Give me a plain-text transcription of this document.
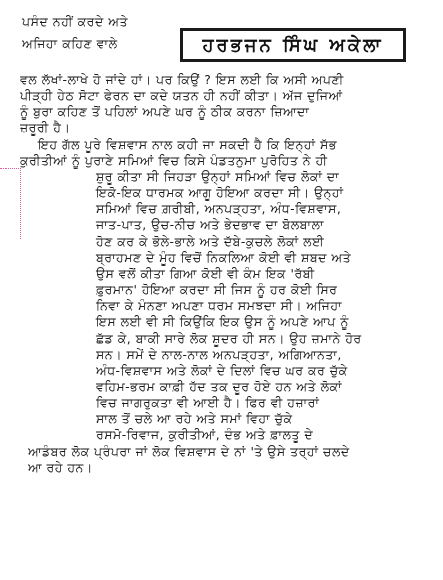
ਪਸੰਦ ਨਹੀਂ ਕਰਦੇ ਅਤੇ
ਅਜਿਹਾ ਕਹਿਣ ਵਾਲੇ	ਹਰਭਜਨ ਸਿੰਘ ਅਕੇਲਾ
ਵਲ ਲੱਖਾਂ-ਲਾਖੇ ਹੋ ਜਾਂਦੇ ਹਾਂ। ਪਰ ਕਿਉਂ ? ਇਸ ਲਈ ਕਿ ਅਸੀ ਅਪਣੀ
ਪੀੜ੍ਹੀ ਹੇਠ ਸੋਟਾ ਫੇਰਨ ਦਾ ਕਦੇ ਯਤਨ ਹੀ ਨਹੀਂ ਕੀਤਾ। ਅੱਜ ਦੁਜਿਆਂ
ਨੂੰ ਬੁਰਾ ਕਹਿਣ ਤੋਂ ਪਹਿਲਾਂ ਅਪਣੇ ਘਰ ਨੂੰ ਠੀਕ ਕਰਨਾ ਜ਼ਿਆਦਾ
ਜ਼ਰੂਰੀ ਹੈ।
ਇਹ ਗੱਲ ਪੂਰੇ ਵਿਸ਼ਵਾਸ ਨਾਲ ਕਹੀ ਜਾ ਸਕਦੀ ਹੈ ਕਿ ਇਨ੍ਹਾਂ ਸੱਭ
ਕੁਰੀਤੀਆਂ ਨੂੰ ਪੁਰਾਣੇ ਸਮਿਆਂ ਵਿਚ ਕਿਸੇ ਪੰਡਤਨੁਮਾ ਪੁਰੋਹਿਤ ਨੇ ਹੀ
ਸ਼ੁਰੂ ਕੀਤਾ ਸੀ ਜਿਹੜਾ ਉਨ੍ਹਾਂ ਸਮਿਆਂ ਵਿਚ ਲੋਕਾਂ ਦਾ
ਇਕੋ-ਇਕ ਧਾਰਮਕ ਆਗੂ ਹੋਇਆ ਕਰਦਾ ਸੀ। ਉਨ੍ਹਾਂ
ਸਮਿਆਂ ਵਿਚ ਗ਼ਰੀਬੀ, ਅਨਪੜ੍ਹਤਾ, ਅੰਧ-ਵਿਸ਼ਵਾਸ,
ਜਾਤ-ਪਾਤ, ਉਚ-ਨੀਚ ਅਤੇ ਭੇਦਭਾਵ ਦਾ ਬੋਲਬਾਲਾ
ਹੋਣ ਕਰ ਕੇ ਭੋਲੇ-ਭਾਲੇ ਅਤੇ ਦੱਬੇ-ਕੁਚਲੇ ਲੋਕਾਂ ਲਈ
ਬ੍ਰਾਹਮਣ ਦੇ ਮੂੰਹ ਵਿਚੋਂ ਨਿਕਲਿਆ ਕੋਈ ਵੀ ਸ਼ਬਦ ਅਤੇ
ਉਸ ਵਲੋਂ ਕੀਤਾ ਗਿਆ ਕੋਈ ਵੀ ਕੰਮ ਇਕ 'ਰੱਬੀ
ਫ਼ੁਰਮਾਨ' ਹੋਇਆ ਕਰਦਾ ਸੀ ਜਿਸ ਨੂੰ ਹਰ ਕੋਈ ਸਿਰ
ਨਿਵਾ ਕੇ ਮੰਨਣਾ ਅਪਣਾ ਧਰਮ ਸਮਝਦਾ ਸੀ। ਅਜਿਹਾ
ਇਸ ਲਈ ਵੀ ਸੀ ਕਿਉਂਕਿ ਇਕ ਉਸ ਨੂੰ ਅਪਣੇ ਆਪ ਨੂੰ
ਛੱਡ ਕੇ, ਬਾਕੀ ਸਾਰੇ ਲੋਕ ਸ਼ੂਦਰ ਹੀ ਸਨ। ਉਹ ਜ਼ਮਾਨੇ ਹੋਰ
ਸਨ। ਸਮੇਂ ਦੇ ਨਾਲ-ਨਾਲ ਅਨਪੜ੍ਹਤਾ, ਅਗਿਆਨਤਾ,
ਅੰਧ-ਵਿਸ਼ਵਾਸ ਅਤੇ ਲੋਕਾਂ ਦੇ ਦਿਲਾਂ ਵਿਚ ਘਰ ਕਰ ਚੁੱਕੇ
ਵਹਿਮ-ਭਰਮ ਕਾਫ਼ੀ ਹੱਦ ਤਕ ਦੂਰ ਹੋਏ ਹਨ ਅਤੇ ਲੋਕਾਂ
ਵਿਚ ਜਾਗਰੁਕਤਾ ਵੀ ਆਈ ਹੈ। ਫਿਰ ਵੀ ਹਜ਼ਾਰਾਂ
ਸਾਲ ਤੋਂ ਚਲੇ ਆ ਰਹੇ ਅਤੇ ਸਮਾਂ ਵਿਹਾ ਚੁੱਕੇ
ਰਸਮੋ-ਰਿਵਾਜ, ਕੁਰੀਤੀਆਂ, ਦੰਭ ਅਤੇ ਫ਼ਾਲਤੂ ਦੇ
ਆਡੰਬਰ ਲੋਕ ਪ੍ਰੰਪਰਾ ਜਾਂ ਲੋਕ ਵਿਸ਼ਵਾਸ ਦੇ ਨਾਂ 'ਤੇ ਉਸੇ ਤਰ੍ਹਾਂ ਚਲਦੇ
ਆ ਰਹੇ ਹਨ।
